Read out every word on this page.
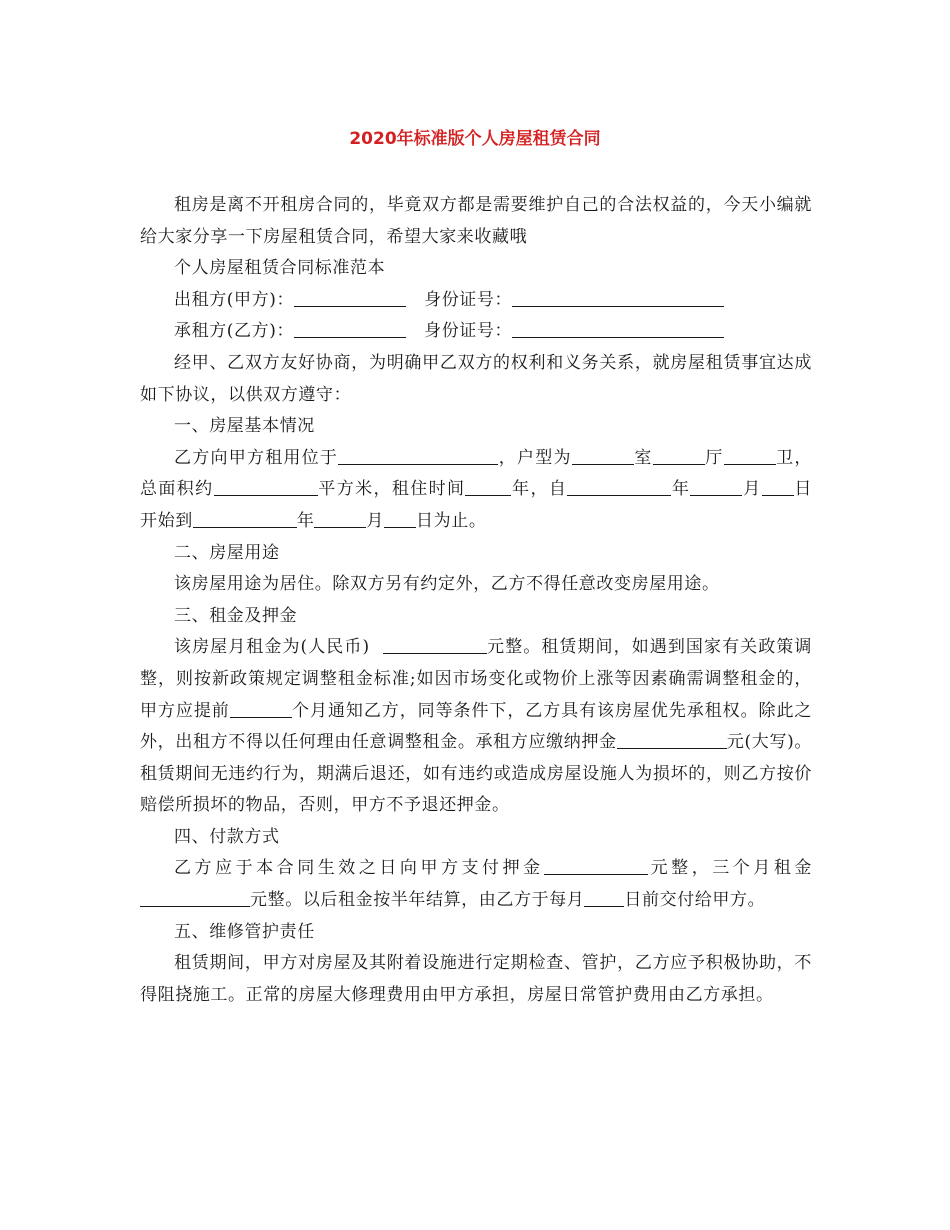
2020年标准版个人房屋租赁合同

租房是离不开租房合同的，毕竟双方都是需要维护自己的合法权益的，今天小编就给大家分享一下房屋租赁合同，希望大家来收藏哦

个人房屋租赁合同标准范本

出租方(甲方)：	身份证号：

承租方(乙方)：	身份证号：

经甲、乙双方友好协商，为明确甲乙双方的权利和义务关系，就房屋租赁事宜达成如下协议，以供双方遵守：

一、房屋基本情况

乙方向甲方租用位于	，户型为	室	厅	卫，总面积约	平方米，租住时间	年，自	年	月 日开始到	年	月 日为止。

二、房屋用途

该房屋用途为居住。除双方另有约定外，乙方不得任意改变房屋用途。

三、租金及押金

该房屋月租金为(人民币)	元整。租赁期间，如遇到国家有关政策调整，则按新政策规定调整租金标准;如因市场变化或物价上涨等因素确需调整租金的，甲方应提前	个月通知乙方，同等条件下，乙方具有该房屋优先承租权。除此之外，出租方不得以任何理由任意调整租金。承租方应缴纳押金	元(大写)。租赁期间无违约行为，期满后退还，如有违约或造成房屋设施人为损坏的，则乙方按价赔偿所损坏的物品，否则，甲方不予退还押金。

四、付款方式

乙方应于本合同生效之日向甲方支付押金	元整，三个月租金元整。以后租金按半年结算，由乙方于每月 日前交付给甲方。

五、维修管护责任

租赁期间，甲方对房屋及其附着设施进行定期检查、管护，乙方应予积极协助，不得阻挠施工。正常的房屋大修理费用由甲方承担，房屋日常管护费用由乙方承担。
